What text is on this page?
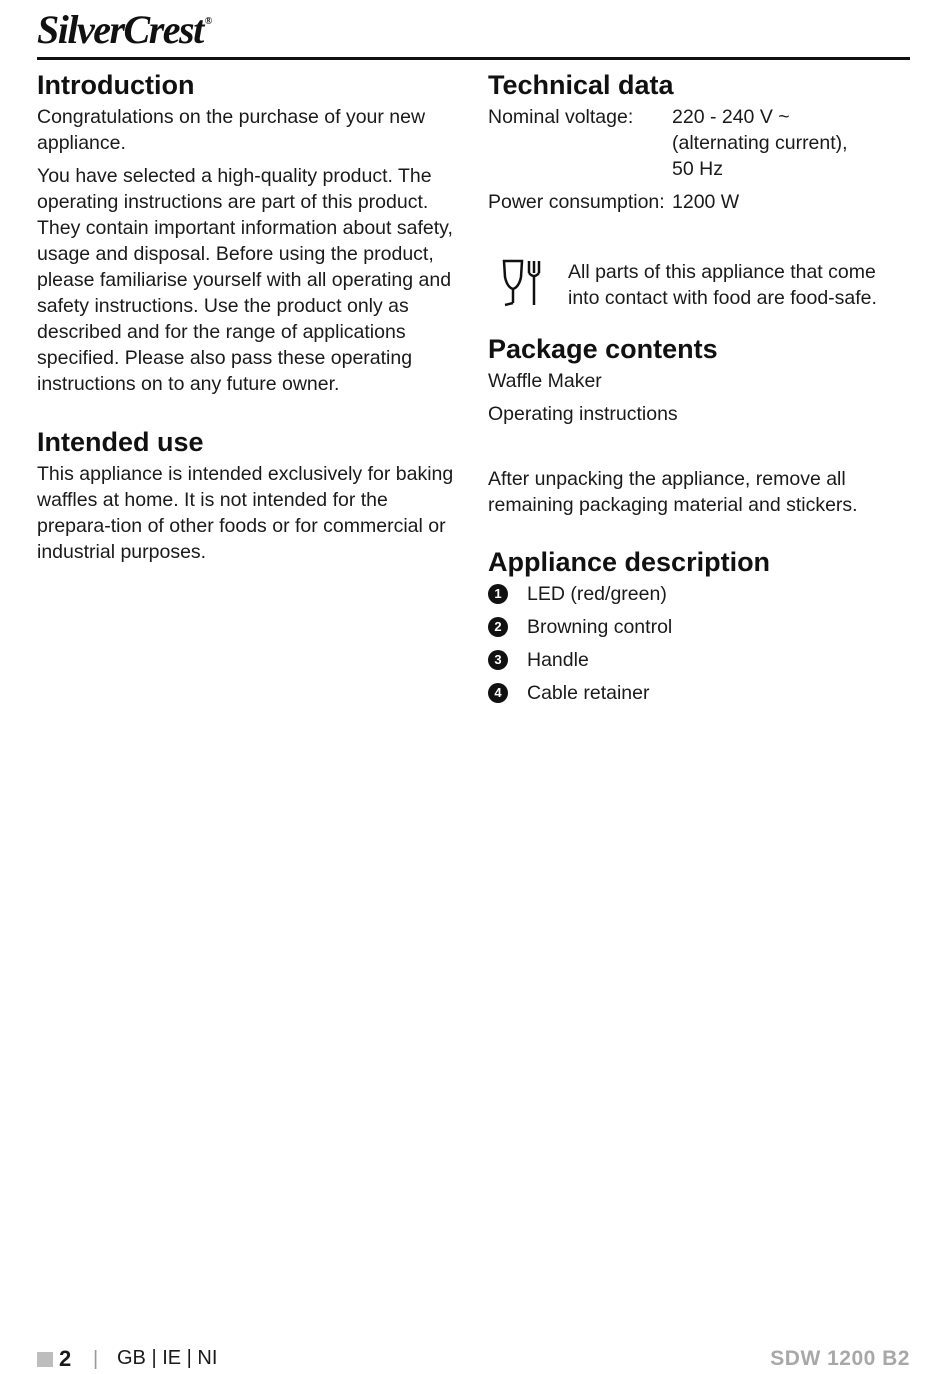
SilverCrest ®
Introduction

Congratulations on the purchase of your new appliance.

You have selected a high-quality product. The operating instructions are part of this product. They contain important information about safety, usage and disposal. Before using the product, please familiarise yourself with all operating and safety instructions. Use the product only as described and for the range of applications specified. Please also pass these operating instructions on to any future owner.

Intended use

This appliance is intended exclusively for baking waffles at home. It is not intended for the prepara-tion of other foods or for commercial or industrial purposes.

Technical data
Nominal voltage:	220 - 240 V ~ (alternating current), 50 Hz
Power consumption: 1200 W

All parts of this appliance that come into contact with food are food-safe.

Package contents

Waffle Maker

Operating instructions

After unpacking the appliance, remove all remaining packaging material and stickers.

Appliance description
1	LED (red/green)
2	Browning control
3	Handle
4	Cable retainer
2 | GB | IE | NI	SDW 1200 B2
